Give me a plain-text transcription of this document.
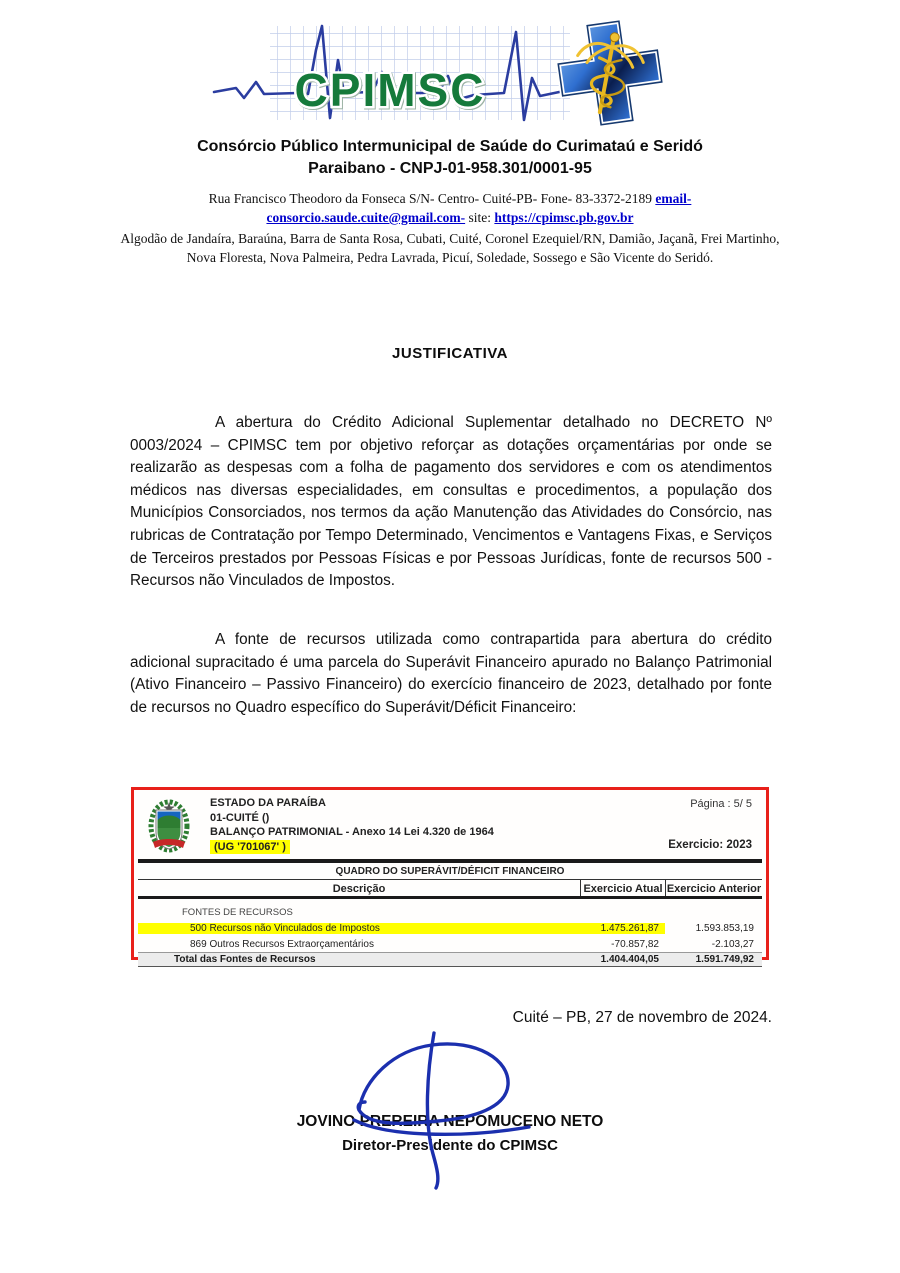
CPIMSC
Consórcio Público Intermunicipal de Saúde do Curimataú e Seridó
Paraibano - CNPJ-01-958.301/0001-95
Rua Francisco Theodoro da Fonseca S/N- Centro- Cuité-PB- Fone- 83-3372-2189 email-
consorcio.saude.cuite@gmail.com- site: https://cpimsc.pb.gov.br
Algodão de Jandaíra, Baraúna, Barra de Santa Rosa, Cubati, Cuité, Coronel Ezequiel/RN, Damião, Jaçanã, Frei Martinho, Nova Floresta, Nova Palmeira, Pedra Lavrada, Picuí, Soledade, Sossego e São Vicente do Seridó.
JUSTIFICATIVA
A abertura do Crédito Adicional Suplementar detalhado no DECRETO Nº 0003/2024 – CPIMSC tem por objetivo reforçar as dotações orçamentárias por onde se realizarão as despesas com a folha de pagamento dos servidores e com os atendimentos médicos nas diversas especialidades, em consultas e procedimentos, a população dos Municípios Consorciados, nos termos da ação Manutenção das Atividades do Consórcio, nas rubricas de Contratação por Tempo Determinado, Vencimentos e Vantagens Fixas, e Serviços de Terceiros prestados por Pessoas Físicas e por Pessoas Jurídicas, fonte de recursos 500 - Recursos não Vinculados de Impostos.
A fonte de recursos utilizada como contrapartida para abertura do crédito adicional supracitado é uma parcela do Superávit Financeiro apurado no Balanço Patrimonial (Ativo Financeiro – Passivo Financeiro) do exercício financeiro de 2023, detalhado por fonte de recursos no Quadro específico do Superávit/Déficit Financeiro:
ESTADO DA PARAÍBA
01-CUITÉ ()
BALANÇO PATRIMONIAL - Anexo 14 Lei 4.320 de 1964
(UG '701067' )
Página : 5/ 5
Exercicio: 2023
QUADRO DO SUPERÁVIT/DÉFICIT FINANCEIRO
Descrição	Exercicio Atual Exercicio Anterior
FONTES DE RECURSOS
500 Recursos não Vinculados de Impostos	1.475.261,87	1.593.853,19
869 Outros Recursos Extraorçamentários	-70.857,82	-2.103,27
Total das Fontes de Recursos	1.404.404,05	1.591.749,92
Cuité – PB, 27 de novembro de 2024.
JOVINO PREREIRA NEPOMUCENO NETO
Diretor-Presidente do CPIMSC
